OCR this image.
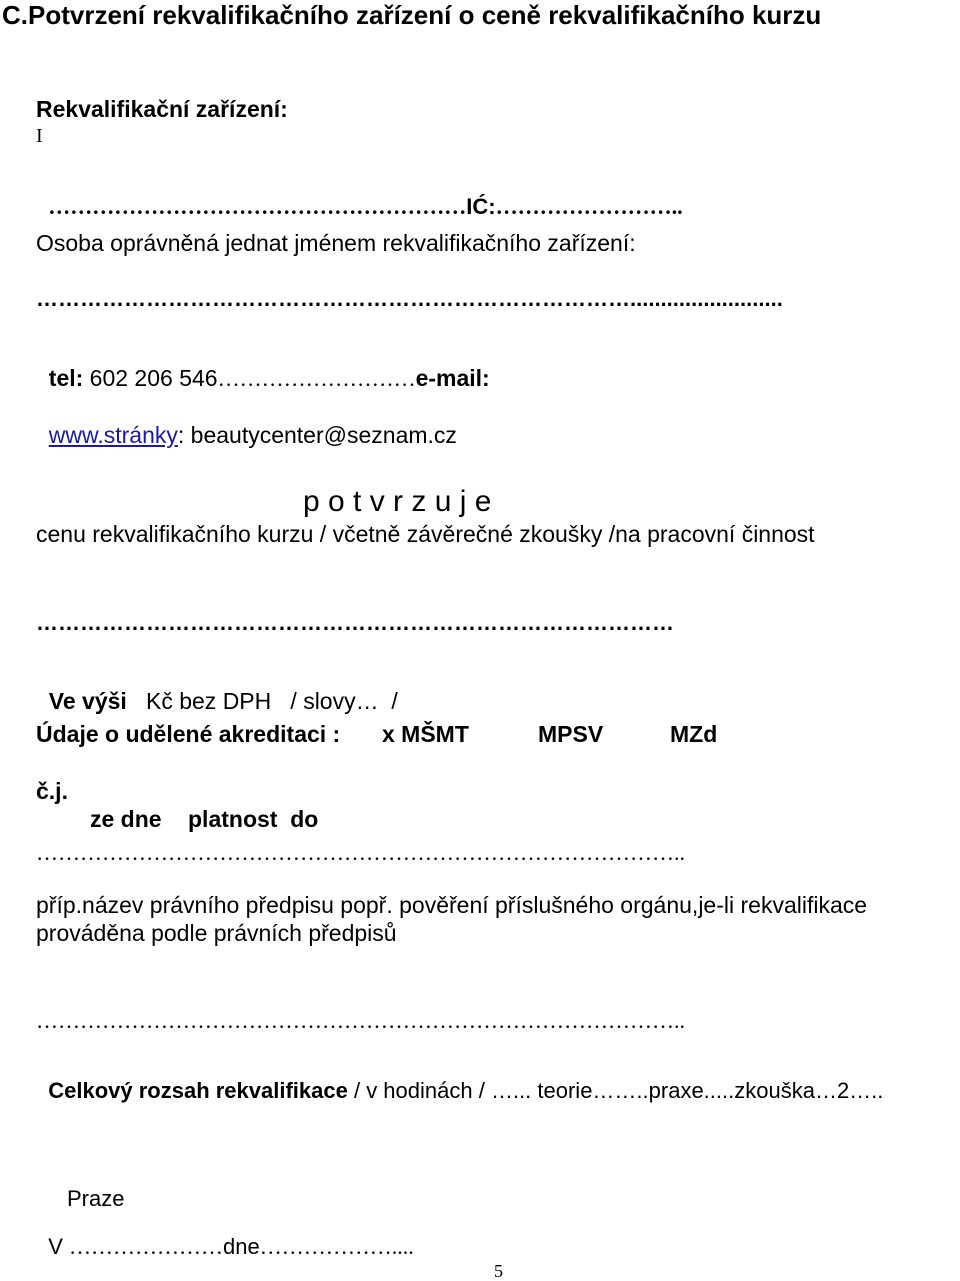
C.Potvrzení rekvalifikačního zařízení o ceně rekvalifikačního kurzu
Rekvalifikační zařízení:
I

…………………………………………………IĆ:……………………..

Osoba oprávněná jednat jménem rekvalifikačního zařízení:
……………………………………………………………………….........................

tel: 602 206 546………………………e-mail:

www.stránky: beautycenter@seznam.cz

p o t v r z u j e
cenu rekvalifikačního kurzu / včetně závěrečné zkoušky /na pracovní činnost
……………………………………………………………………………

Ve výši Kč bez DPH / slovy…  /

Údaje o udělené akreditaci : x MŠMT	MPSV	MZd
č.j.
ze dne platnost  do
……………………………………………………………………………..
příp.název právního předpisu popř. pověření příslušného orgánu,je-li rekvalifikace
prováděna podle právních předpisů
……………………………………………………………………………..

Celkový rozsah rekvalifikace / v hodinách / …... teorie……..praxe.....zkouška…2…..

Praze

V …………………dne………………....

5
